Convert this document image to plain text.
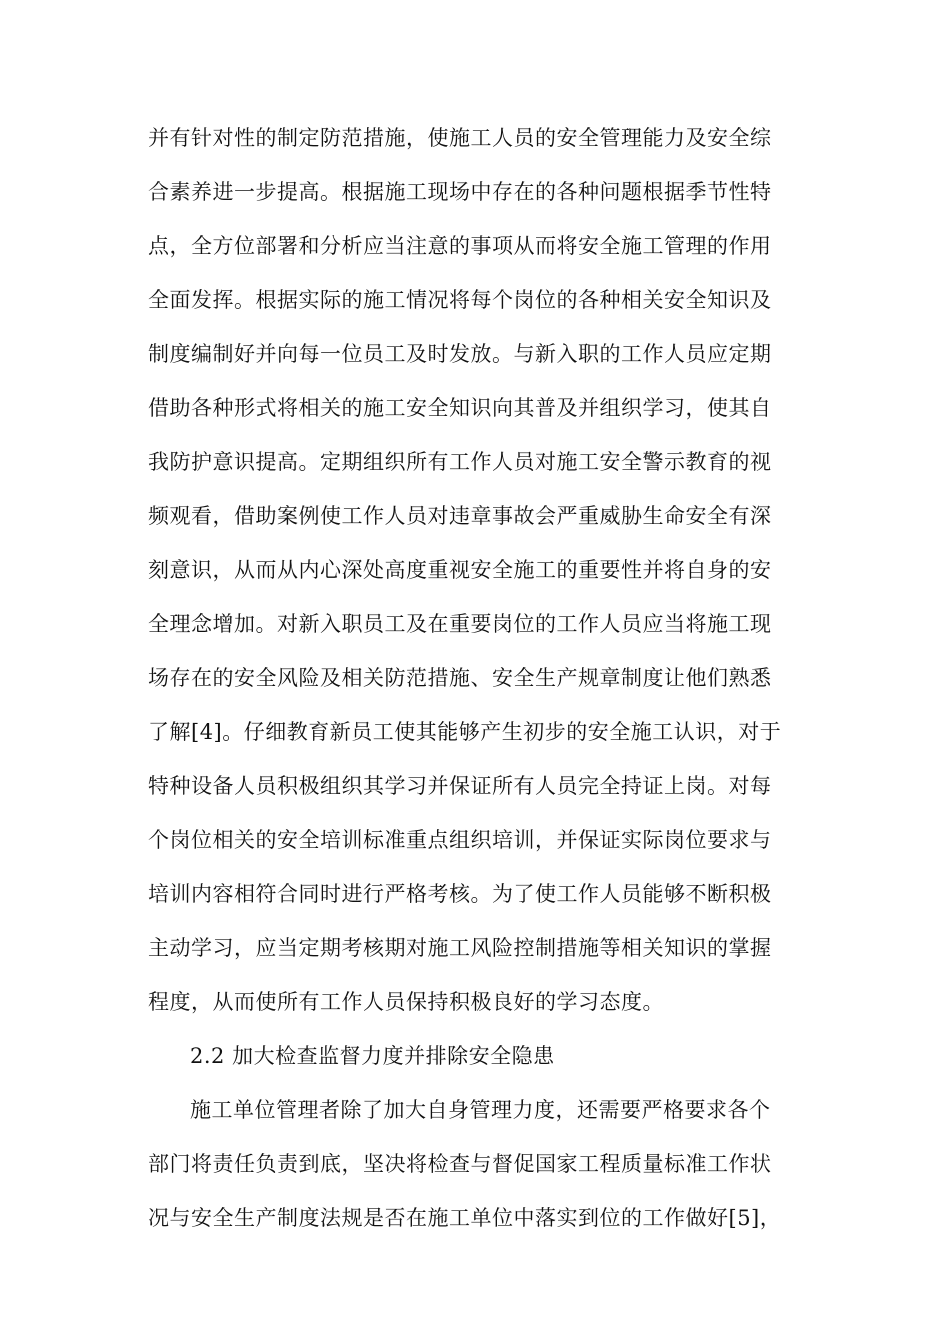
并有针对性的制定防范措施，使施工人员的安全管理能力及安全综
合素养进一步提高。根据施工现场中存在的各种问题根据季节性特
点，全方位部署和分析应当注意的事项从而将安全施工管理的作用
全面发挥。根据实际的施工情况将每个岗位的各种相关安全知识及
制度编制好并向每一位员工及时发放。与新入职的工作人员应定期
借助各种形式将相关的施工安全知识向其普及并组织学习，使其自
我防护意识提高。定期组织所有工作人员对施工安全警示教育的视
频观看，借助案例使工作人员对违章事故会严重威胁生命安全有深
刻意识，从而从内心深处高度重视安全施工的重要性并将自身的安
全理念增加。对新入职员工及在重要岗位的工作人员应当将施工现
场存在的安全风险及相关防范措施、安全生产规章制度让他们熟悉
了解[4]。仔细教育新员工使其能够产生初步的安全施工认识，对于
特种设备人员积极组织其学习并保证所有人员完全持证上岗。对每
个岗位相关的安全培训标准重点组织培训，并保证实际岗位要求与
培训内容相符合同时进行严格考核。为了使工作人员能够不断积极
主动学习，应当定期考核期对施工风险控制措施等相关知识的掌握
程度，从而使所有工作人员保持积极良好的学习态度。
2.2 加大检查监督力度并排除安全隐患
施工单位管理者除了加大自身管理力度，还需要严格要求各个
部门将责任负责到底，坚决将检查与督促国家工程质量标准工作状
况与安全生产制度法规是否在施工单位中落实到位的工作做好[5]，
